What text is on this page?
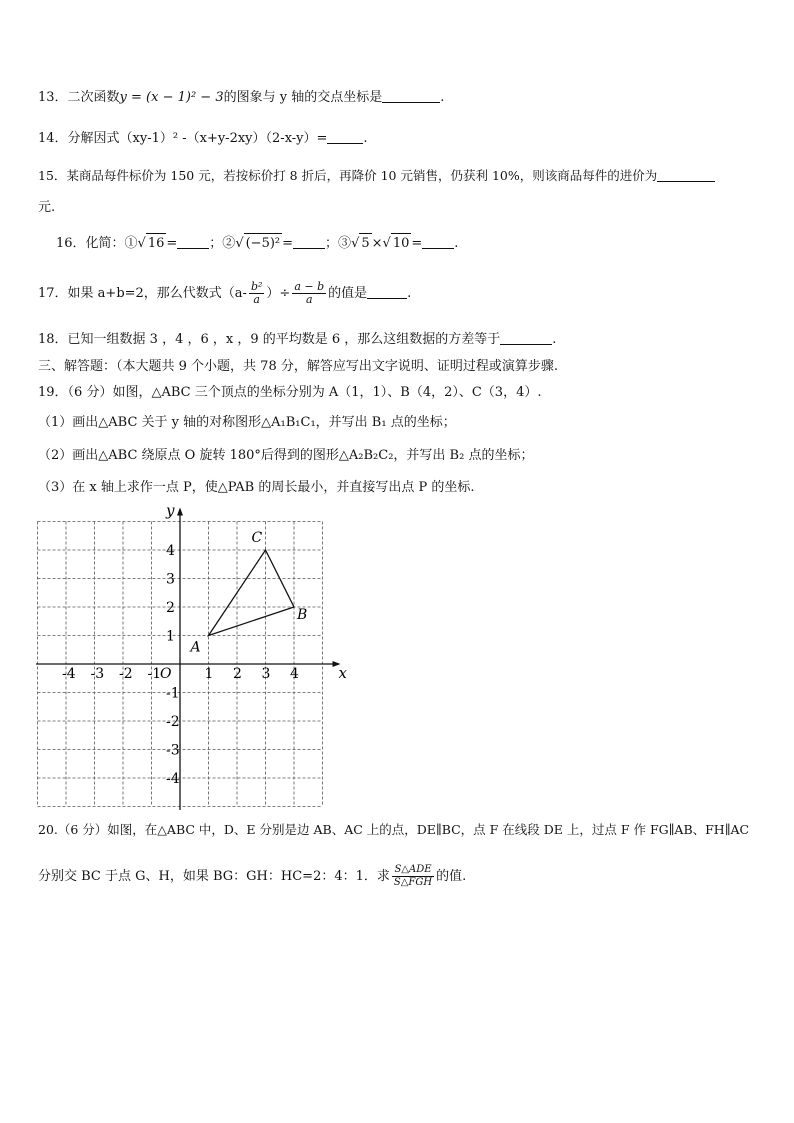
13．二次函数y = (x − 1)² − 3的图象与 y 轴的交点坐标是	.
14．分解因式（xy-1）² -（x+y-2xy）（2-x-y）=	.
15．某商品每件标价为 150 元，若按标价打 8 折后，再降价 10 元销售，仍获利 10%，则该商品每件的进价为
元.
16．化简：①√ 16 = ；②√ (−5)² = ；③√ 5 ×√ 10 = .
17．如果 a+b=2，那么代数式（$a- \frac{\text{b²}}{a}$ ）÷ $\frac{a - b}{a}$ 的值是	.
18．已知一组数据 3 ，4 ，6 ，x ，9 的平均数是 6 ，那么这组数据的方差等于	.
三、解答题：（本大题共 9 个小题，共 78 分，解答应写出文字说明、证明过程或演算步骤.
19．（6 分）如图，△ABC 三个顶点的坐标分别为 A（1，1）、B（4，2）、C（3，4）.
（1）画出△ABC 关于 y 轴的对称图形△A₁B₁C₁，并写出 B₁ 点的坐标；
（2）画出△ABC 绕原点 O 旋转 180°后得到的图形△A₂B₂C₂，并写出 B₂ 点的坐标；
（3）在 x 轴上求作一点 P，使△PAB 的周长最小，并直接写出点 P 的坐标.
x
y
O
-4 -3 -2 -1	1 2 3 4
4
3
2
1
-1
-2
-3
-4
A
B
C
20.（6 分）如图，在△ABC 中，D、E 分别是边 AB、AC 上的点，DE∥BC，点 F 在线段 DE 上，过点 F 作 FG∥AB、FH∥AC
分别交 BC 于点 G、H，如果 BG：GH：HC=2：4：1．求 $\frac{\text{S△ADE}}{\text{S△FGH}}$ 的值.
